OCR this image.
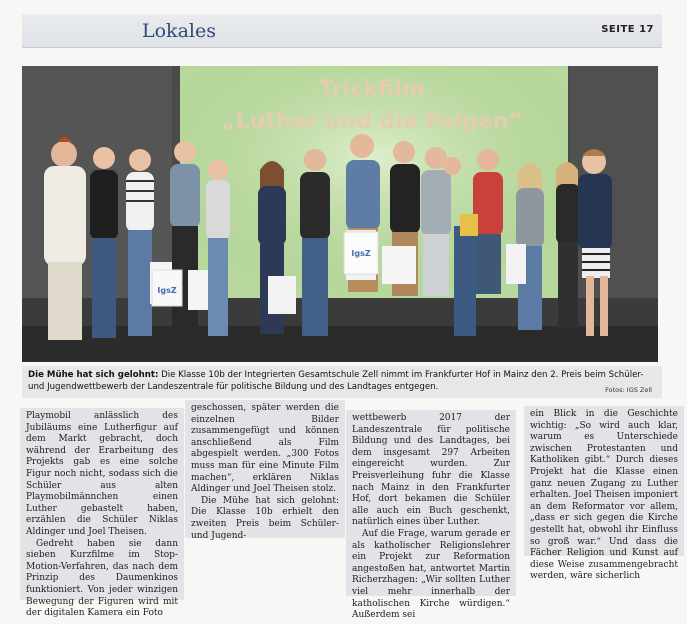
Lokales	SEITE 17
Trickfilm
„Luther und die Folgen“
IgsZ
IgsZ
Die Mühe hat sich gelohnt: Die Klasse 10b der Integrierten Gesamtschule Zell nimmt im Frankfurter Hof in Mainz den 2. Preis beim Schüler- und Jugendwettbewerb der Landeszentrale für politische Bildung und des Landtages entgegen.	Fotos: IGS Zell

Playmobil anlässlich des Jubiläums eine Lutherfigur auf dem Markt gebracht, doch während der Erarbeitung des Projekts gab es eine solche Figur noch nicht, sodass sich die Schüler aus alten Playmobilmännchen einen Luther gebastelt haben, erzählen die Schüler Niklas Aldinger und Joel Theisen.

Gedreht haben sie dann sieben Kurzfilme im Stop-Motion-Verfahren, das nach dem Prinzip des Daumenkinos funktioniert. Von jeder winzigen Bewegung der Figuren wird mit der digitalen Kamera ein Foto

geschossen, später werden die einzelnen Bilder zusammengefügt und können anschließend als Film abgespielt werden. „300 Fotos muss man für eine Minute Film machen“, erklären Niklas Aldinger und Joel Theisen stolz.

Die Mühe hat sich gelohnt: Die Klasse 10b erhielt den zweiten Preis beim Schüler- und Jugend-

wettbewerb 2017 der Landeszentrale für politische Bildung und des Landtages, bei dem insgesamt 297 Arbeiten eingereicht wurden. Zur Preisverleihung fuhr die Klasse nach Mainz in den Frankfurter Hof, dort bekamen die Schüler alle auch ein Buch geschenkt, natürlich eines über Luther.

Auf die Frage, warum gerade er als katholischer Religionslehrer ein Projekt zur Reformation angestoßen hat, antwortet Martin Richerzhagen: „Wir sollten Luther viel mehr innerhalb der katholischen Kirche würdigen.“ Außerdem sei

ein Blick in die Geschichte wichtig: „So wird auch klar, warum es Unterschiede zwischen Protestanten und Katholiken gibt.“ Durch dieses Projekt hat die Klasse einen ganz neuen Zugang zu Luther erhalten. Joel Theisen imponiert an dem Reformator vor allem, „dass er sich gegen die Kirche gestellt hat, obwohl ihr Einfluss so groß war.“ Und dass die Fächer Religion und Kunst auf diese Weise zusammengebracht werden, wäre sicherlich
